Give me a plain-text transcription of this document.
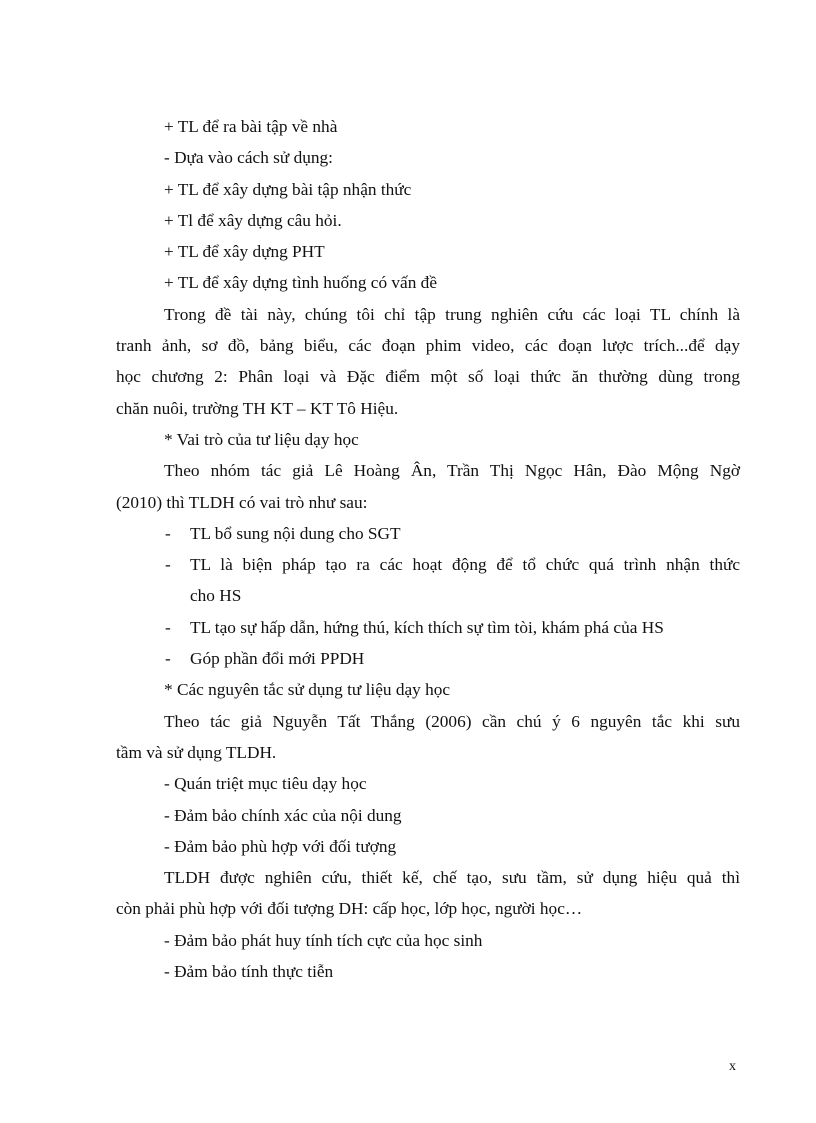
+ TL để ra bài tập về nhà
- Dựa vào cách sử dụng:
+ TL để xây dựng bài tập nhận thức
+ Tl để xây dựng câu hỏi.
+ TL để xây dựng PHT
+ TL để xây dựng tình huống có vấn đề
Trong đề tài này, chúng tôi chỉ tập trung nghiên cứu các loại TL chính là
tranh ảnh, sơ đồ, bảng biểu, các đoạn phim video, các đoạn lược trích...để dạy
học chương 2: Phân loại và Đặc điểm một số loại thức ăn thường dùng trong
chăn nuôi, trường TH KT – KT Tô Hiệu.
* Vai trò của tư liệu dạy học
Theo nhóm tác giả Lê Hoàng Ân, Trần Thị Ngọc Hân, Đào Mộng Ngờ
(2010) thì TLDH có vai trò như sau:
- TL bổ sung nội dung cho SGT
- TL là biện pháp tạo ra các hoạt động để tổ chức quá trình nhận thức
cho HS
- TL tạo sự hấp dẫn, hứng thú, kích thích sự tìm tòi, khám phá của HS
- Góp phần đổi mới PPDH
* Các nguyên tắc sử dụng tư liệu dạy học
Theo tác giả Nguyễn Tất Thắng (2006) cần chú ý 6 nguyên tắc khi sưu
tầm và sử dụng TLDH.
- Quán triệt mục tiêu dạy học
- Đảm bảo chính xác của nội dung
- Đảm bảo phù hợp với đối tượng
TLDH được nghiên cứu, thiết kế, chế tạo, sưu tầm, sử dụng hiệu quả thì
còn phải phù hợp với đối tượng DH: cấp học, lớp học, người học…
- Đảm bảo phát huy tính tích cực của học sinh
- Đảm bảo tính thực tiễn
x
